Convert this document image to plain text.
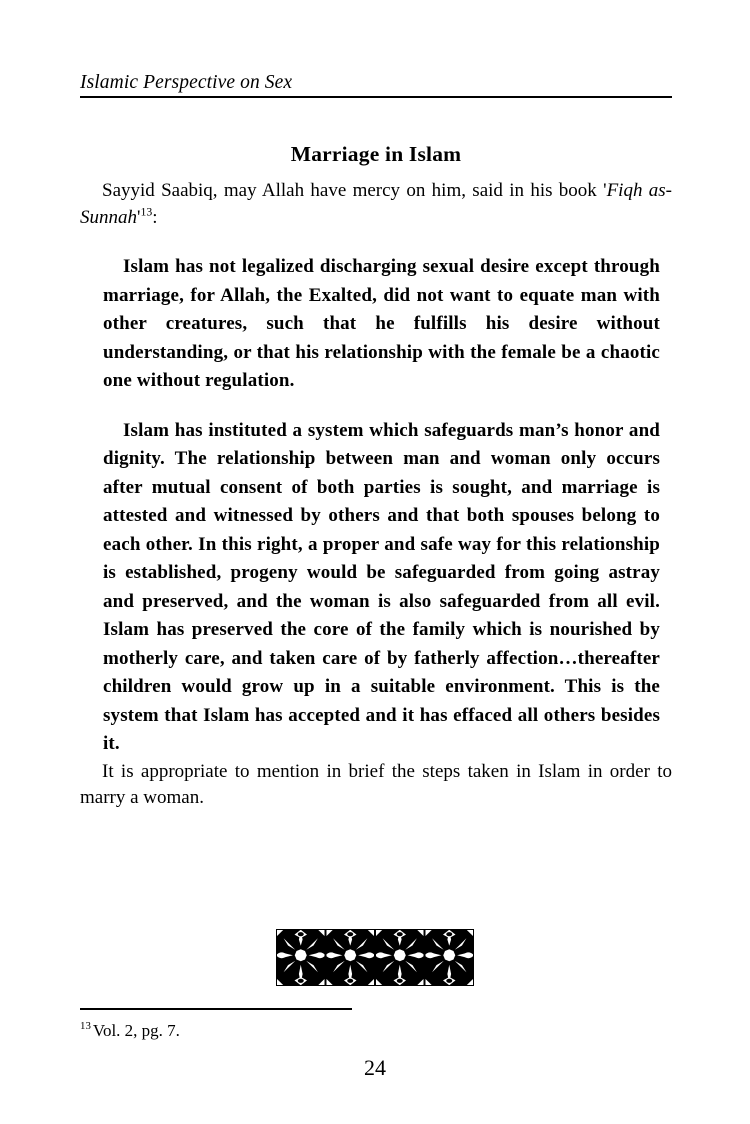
Islamic Perspective on Sex
Marriage in Islam

Sayyid Saabiq, may Allah have mercy on him, said in his book 'Fiqh as-Sunnah'$^{13}$:

Islam has not legalized discharging sexual desire except through marriage, for Allah, the Exalted, did not want to equate man with other creatures, such that he fulfills his desire without understanding, or that his relationship with the female be a chaotic one without regulation.
Islam has instituted a system which safeguards man’s honor and dignity. The relationship between man and woman only occurs after mutual consent of both parties is sought, and marriage is attested and witnessed by others and that both spouses belong to each other. In this right, a proper and safe way for this relationship is established, progeny would be safeguarded from going astray and preserved, and the woman is also safeguarded from all evil. Islam has preserved the core of the family which is nourished by motherly care, and taken care of by fatherly affection…thereafter children would grow up in a suitable environment. This is the system that Islam has accepted and it has effaced all others besides it.

It is appropriate to mention in brief the steps taken in Islam in order to marry a woman.

$^{13}$ Vol. 2, pg. 7.
24
